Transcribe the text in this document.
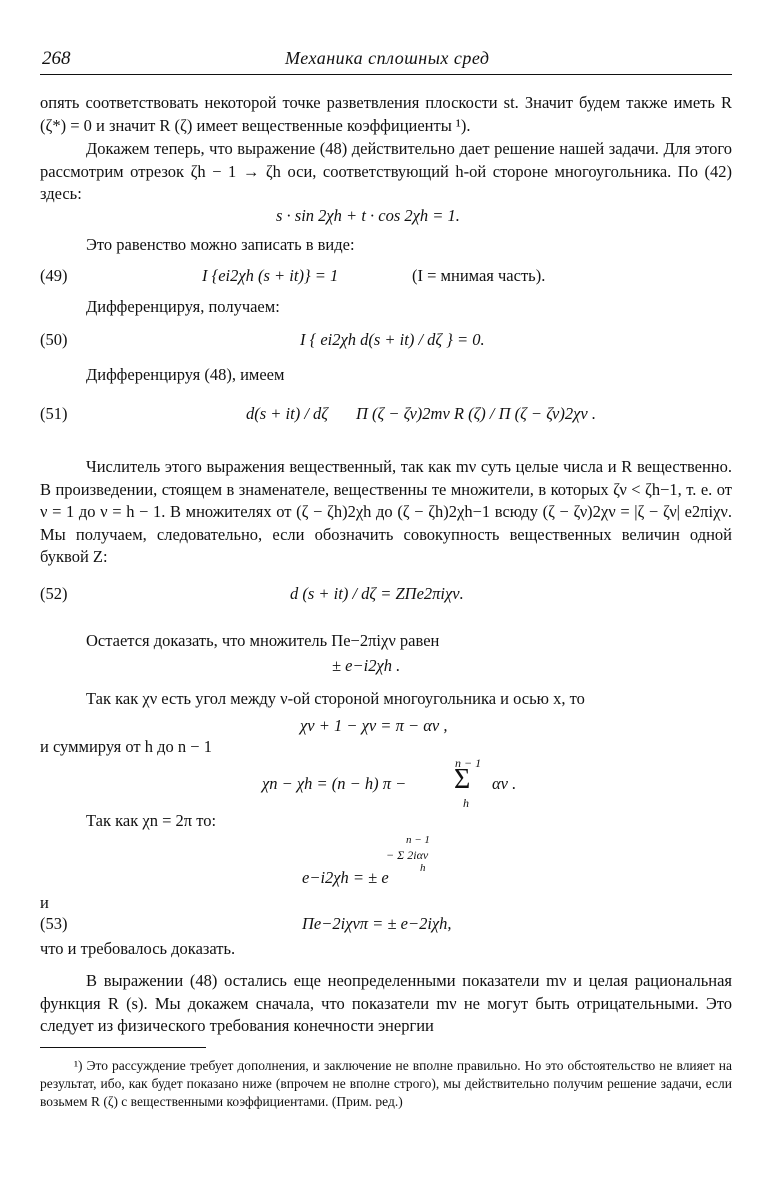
268	Механика сплошных сред
опять соответствовать некоторой точке разветвления плоскости st. Значит будем также иметь R (ζ*) = 0 и значит R (ζ) имеет вещественные коэффициенты ¹).
Докажем теперь, что выражение (48) действительно дает решение нашей задачи. Для этого рассмотрим отрезок ζh − 1 → ζh оси, соответствующий h-ой стороне многоугольника. По (42) здесь:
s · sin 2χh + t · cos 2χh = 1.
Это равенство можно записать в виде:
(49)	I {ei2χh (s + it)} = 1	(I = мнимая часть).
Дифференцируя, получаем:
(50)	I { ei2χh d(s + it) / dζ } = 0.
Дифференцируя (48), имеем
(51)	d(s + it) / dζ Π (ζ − ζν)2mν R (ζ) / Π (ζ − ζν)2χν .
Числитель этого выражения вещественный, так как mν суть целые числа и R вещественно. В произведении, стоящем в знаменателе, вещественны те множители, в которых ζν < ζh−1, т. е. от ν = 1 до ν = h − 1. В множителях от (ζ − ζh)2χh до (ζ − ζh)2χh−1 всюду (ζ − ζν)2χν = |ζ − ζν| e2πiχν. Мы получаем, следовательно, если обозначить совокупность вещественных величин одной буквой Z:
(52)	d (s + it) / dζ = ZΠe2πiχν.
Остается доказать, что множитель Πe−2πiχν равен
± e−i2χh .
Так как χν есть угол между ν-ой стороной многоугольника и осью x, то
χν + 1 − χν = π − αν ,
и суммируя от h до n − 1
χn − χh = (n − h) π −
n − 1
Σ
h
αν .
Так как χn = 2π то:
e−i2χh = ± e
n − 1
− Σ 2iαν
h
и
(53)	Πe−2iχνπ = ± e−2iχh,
что и требовалось доказать.
В выражении (48) остались еще неопределенными показатели mν и целая рациональная функция R (s). Мы докажем сначала, что показатели mν не могут быть отрицательными. Это следует из физического требования конечности энергии
¹) Это рассуждение требует дополнения, и заключение не вполне правильно. Но это обстоятельство не влияет на результат, ибо, как будет показано ниже (впрочем не вполне строго), мы действительно получим решение задачи, если возьмем R (ζ) с вещественными коэффициентами. (Прим. ред.)
